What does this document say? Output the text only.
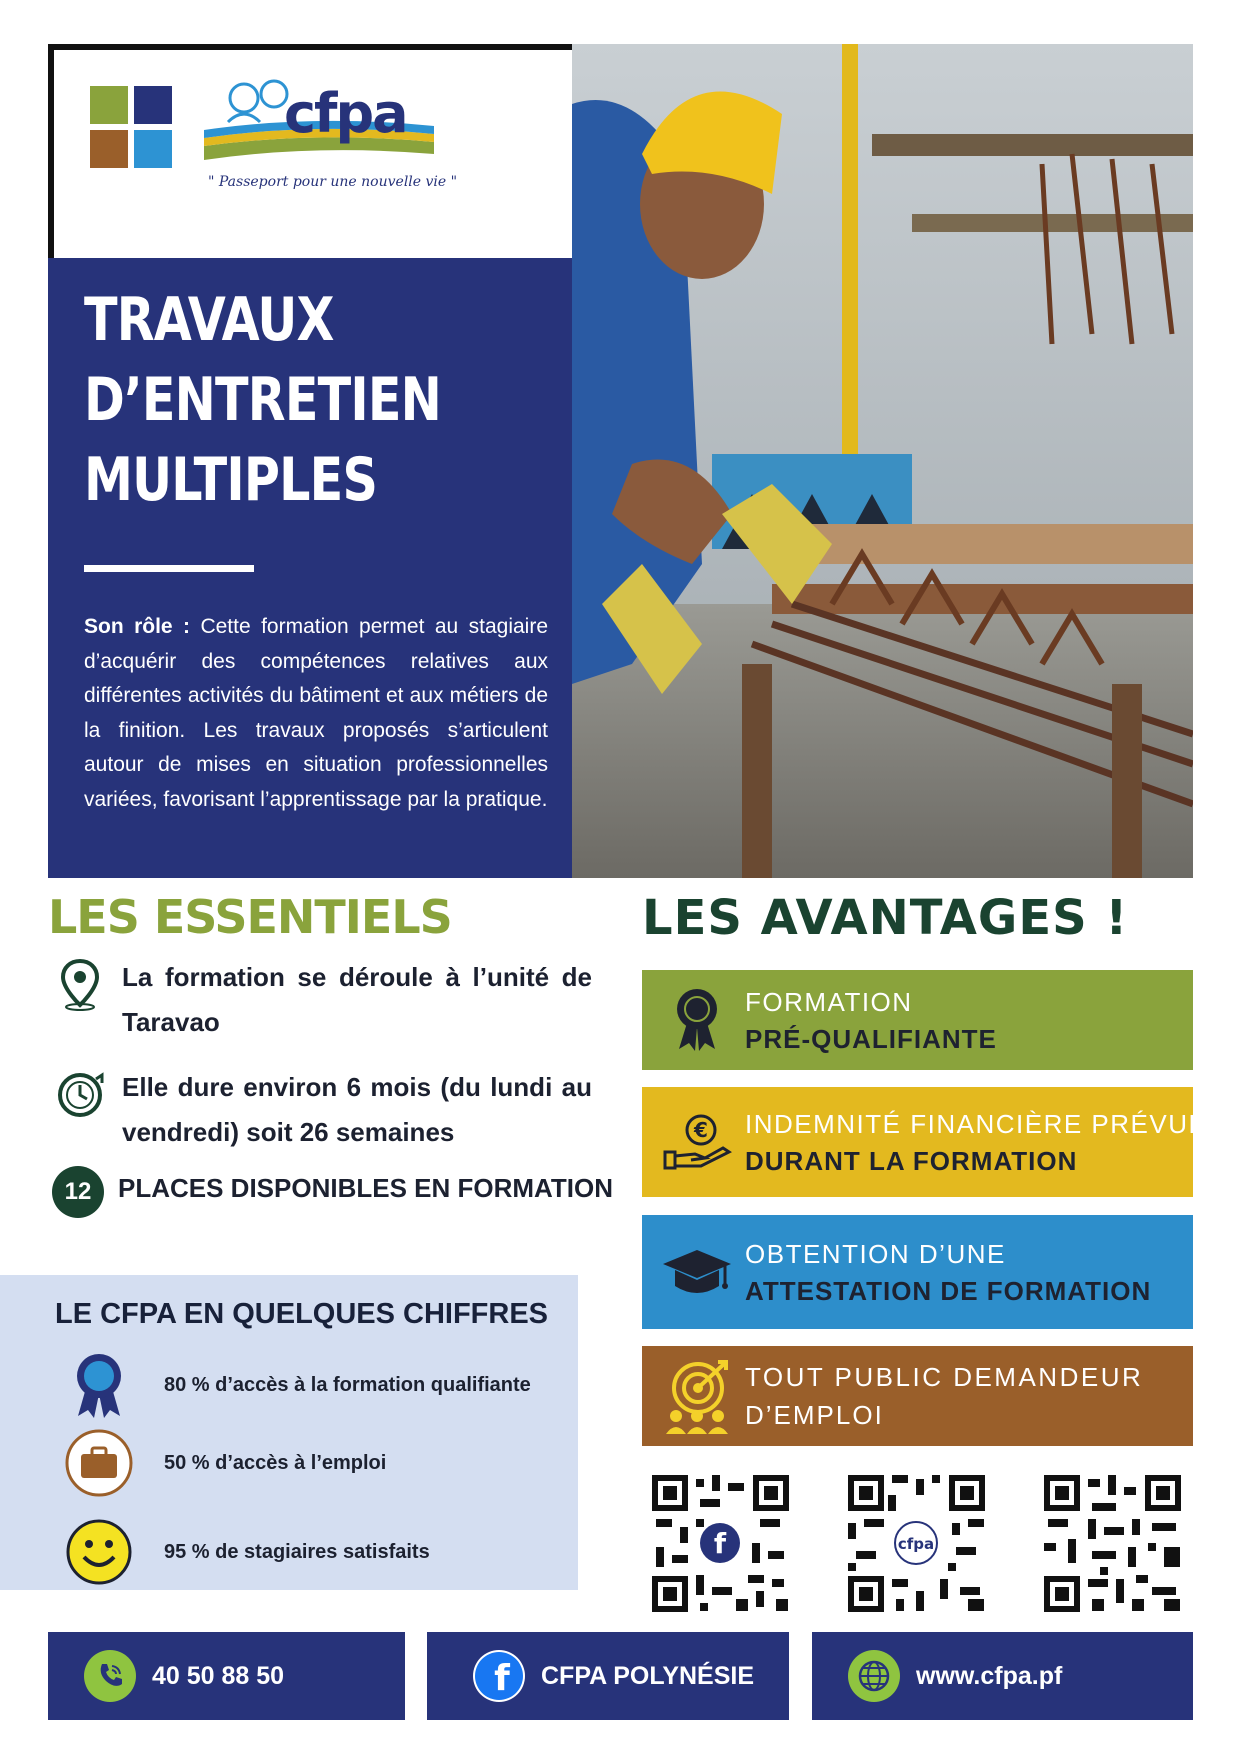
cfpa
" Passeport pour une nouvelle vie "
TRAVAUX
D’ENTRETIEN
MULTIPLES
Son rôle : Cette formation permet au stagiaire d’acquérir des compétences relatives aux différentes activités du bâtiment et aux métiers de la finition. Les travaux proposés s’articulent autour de mises en situation professionnelles variées, favorisant l’apprentissage par la pratique.
LES ESSENTIELS
La formation se déroule à l’unité de Taravao
Elle dure environ 6 mois (du lundi au vendredi) soit 26 semaines
12	PLACES DISPONIBLES EN FORMATION
LE CFPA EN QUELQUES CHIFFRES
80 % d’accès à la formation qualifiante
50 % d’accès à l’emploi
95 % de stagiaires satisfaits
LES AVANTAGES !
FORMATION
PRÉ-QUALIFIANTE
€ INDEMNITÉ FINANCIÈRE PRÉVUE
DURANT LA FORMATION
OBTENTION D’UNE
ATTESTATION DE FORMATION
TOUT PUBLIC DEMANDEUR
D’EMPLOI
f	cfpa
40 50 88 50	f CFPA POLYNÉSIE	www.cfpa.pf
